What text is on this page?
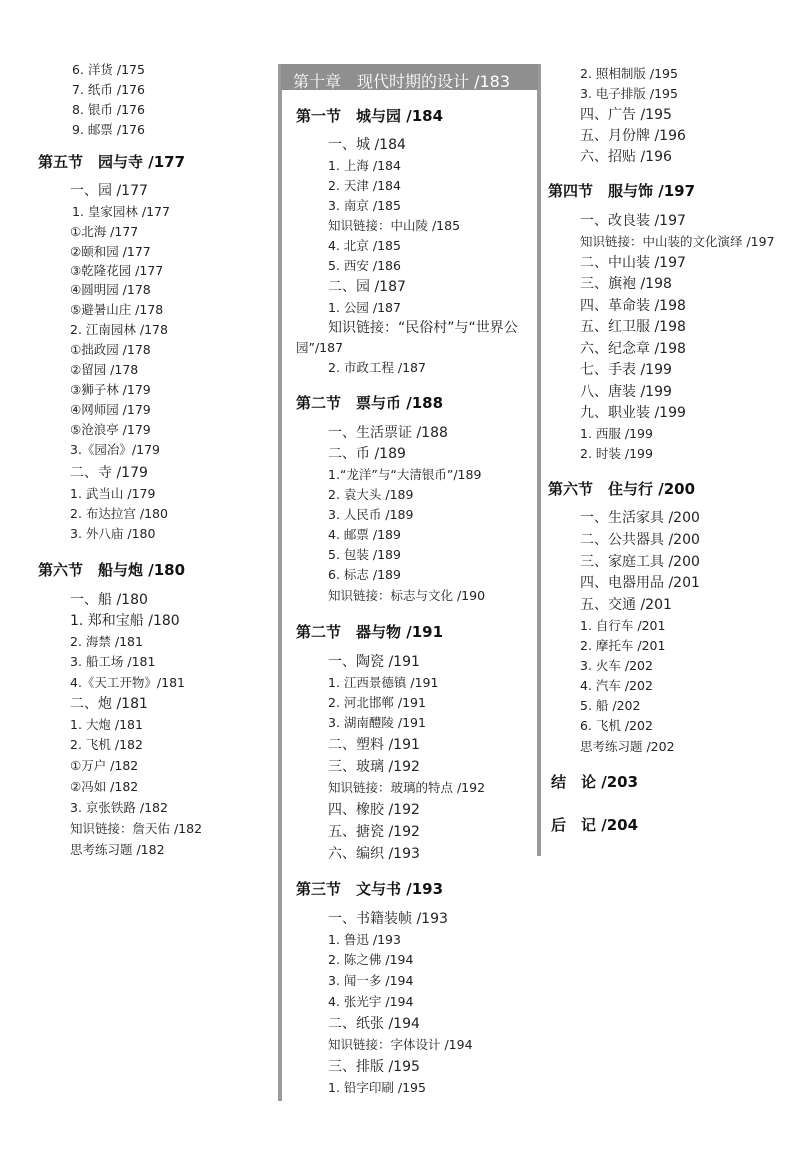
第十章　现代时期的设计 /183
6. 洋货 /175
7. 纸币 /176
8. 银币 /176
9. 邮票 /176
第五节　园与寺 /177
一、园 /177
1. 皇家园林 /177
①北海 /177
②颐和园 /177
③乾隆花园 /177
④圆明园 /178
⑤避暑山庄 /178
2. 江南园林 /178
①拙政园 /178
②留园 /178
③狮子林 /179
④网师园 /179
⑤沧浪亭 /179
3.《园冶》/179
二、寺 /179
1. 武当山 /179
2. 布达拉宫 /180
3. 外八庙 /180
第六节　船与炮 /180
一、船 /180
1. 郑和宝船 /180
2. 海禁 /181
3. 船工场 /181
4.《天工开物》/181
二、炮 /181
1. 大炮 /181
2. 飞机 /182
①万户 /182
②冯如 /182
3. 京张铁路 /182
知识链接：詹天佑 /182
思考练习题 /182
第一节　城与园 /184
一、城 /184
1. 上海 /184
2. 天津 /184
3. 南京 /185
知识链接：中山陵 /185
4. 北京 /185
5. 西安 /186
二、园 /187
1. 公园 /187
知识链接：“民俗村”与“世界公
园”/187
2. 市政工程 /187
第二节　票与币 /188
一、生活票证 /188
二、币 /189
1.“龙洋”与“大清银币”/189
2. 袁大头 /189
3. 人民币 /189
4. 邮票 /189
5. 包装 /189
6. 标志 /189
知识链接：标志与文化 /190
第二节　器与物 /191
一、陶瓷 /191
1. 江西景德镇 /191
2. 河北邯郸 /191
3. 湖南醴陵 /191
二、塑料 /191
三、玻璃 /192
知识链接：玻璃的特点 /192
四、橡胶 /192
五、搪瓷 /192
六、编织 /193
第三节　文与书 /193
一、书籍装帧 /193
1. 鲁迅 /193
2. 陈之佛 /194
3. 闻一多 /194
4. 张光宇 /194
二、纸张 /194
知识链接：字体设计 /194
三、排版 /195
1. 铅字印刷 /195
2. 照相制版 /195
3. 电子排版 /195
四、广告 /195
五、月份牌 /196
六、招贴 /196
第四节　服与饰 /197
一、改良装 /197
知识链接：中山装的文化演绎 /197
二、中山装 /197
三、旗袍 /198
四、革命装 /198
五、红卫服 /198
六、纪念章 /198
七、手表 /199
八、唐装 /199
九、职业装 /199
1. 西服 /199
2. 时装 /199
第六节　住与行 /200
一、生活家具 /200
二、公共器具 /200
三、家庭工具 /200
四、电器用品 /201
五、交通 /201
1. 自行车 /201
2. 摩托车 /201
3. 火车 /202
4. 汽车 /202
5. 船 /202
6. 飞机 /202
思考练习题 /202
结　论 /203
后　记 /204
